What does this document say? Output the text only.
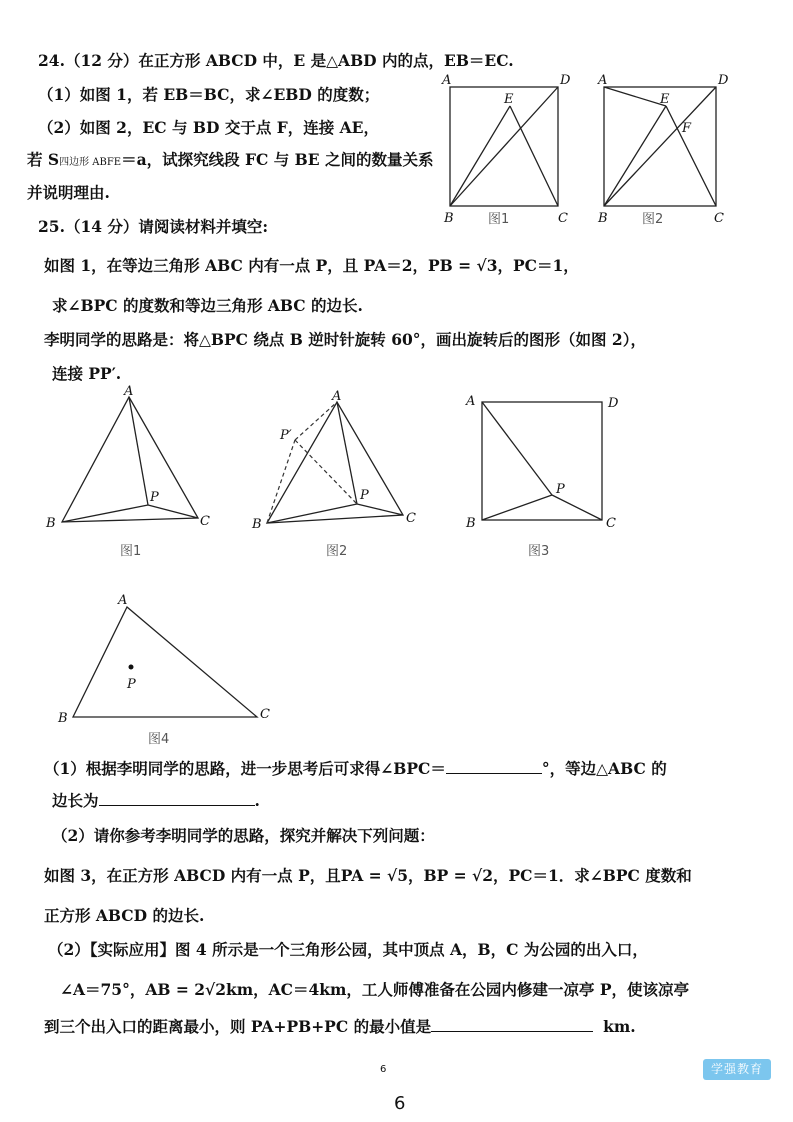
24.（12 分）在正方形 ABCD 中，E 是△ABD 内的点，EB＝EC.
（1）如图 1，若 EB＝BC，求∠EBD 的度数；
（2）如图 2，EC 与 BD 交于点 F，连接 AE，
若 S四边形 ABFE＝a，试探究线段 FC 与 BE 之间的数量关系
并说明理由.
A	D
E
B	C
图1
A	D
E
F
B	C
图2
25.（14 分）请阅读材料并填空:
如图 1，在等边三角形 ABC 内有一点 P，且 PA＝2，PB = √3，PC＝1，
求∠BPC 的度数和等边三角形 ABC 的边长.
李明同学的思路是：将△BPC 绕点 B 逆时针旋转 60°，画出旋转后的图形（如图 2），
连接 PP′.
A
P
B	C
图1
A
P′
P
B	C
图2
A	D
P
B	C
图3
A
P
B	C
图4
（1）根据李明同学的思路，进一步思考后可求得∠BPC＝	°，等边△ABC 的
边长为	.
（2）请你参考李明同学的思路，探究并解决下列问题：
如图 3，在正方形 ABCD 内有一点 P，且PA = √5，BP = √2，PC＝1．求∠BPC 度数和
正方形 ABCD 的边长.
（2）【实际应用】图 4 所示是一个三角形公园，其中顶点 A，B，C 为公园的出入口，
∠A＝75°，AB = 2√2km，AC＝4km，工人师傅准备在公园内修建一凉亭 P，使该凉亭
到三个出入口的距离最小，则 PA+PB+PC 的最小值是	km.
6	学强教育
6
